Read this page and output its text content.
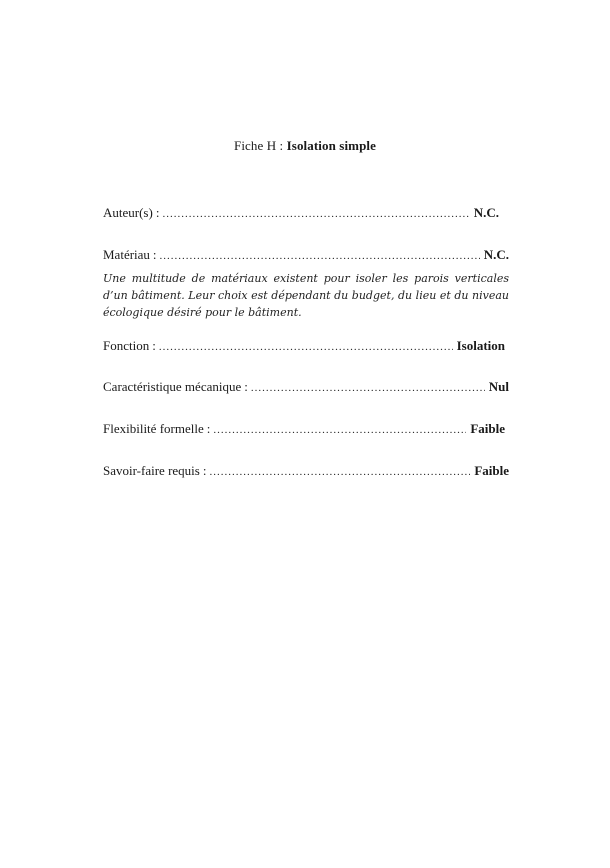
Fiche H : Isolation simple
Auteur(s) : .....	N.C.
Matériau : .....	N.C.
Une multitude de matériaux existent pour isoler les parois verticales d’un bâtiment. Leur choix est dépendant du budget, du lieu et du niveau écologique désiré pour le bâtiment.
Fonction : .....	Isolation
Caractéristique mécanique : .....	Nul
Flexibilité formelle : .....	Faible
Savoir-faire requis : .....	Faible
